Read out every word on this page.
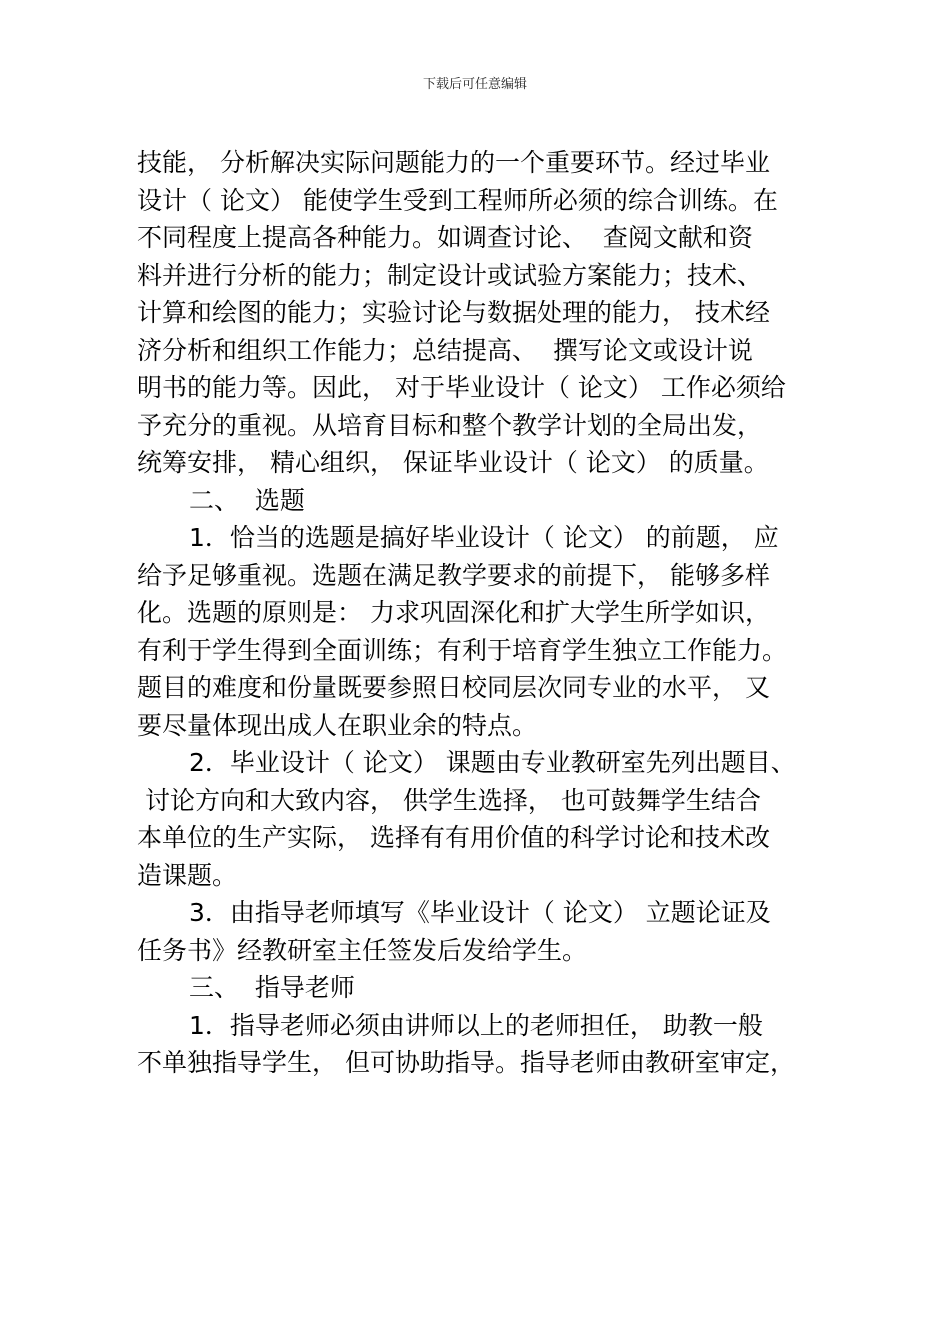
下载后可任意编辑
技能， 分析解决实际问题能力的一个重要环节。经过毕业
设计（ 论文） 能使学生受到工程师所必须的综合训练。在
不同程度上提高各种能力。如调查讨论、  查阅文献和资
料并进行分析的能力；制定设计或试验方案能力；技术、
计算和绘图的能力；实验讨论与数据处理的能力， 技术经
济分析和组织工作能力；总结提高、  撰写论文或设计说
明书的能力等。因此， 对于毕业设计（ 论文） 工作必须给
予充分的重视。从培育目标和整个教学计划的全局出发，
统筹安排， 精心组织， 保证毕业设计（ 论文） 的质量。
二、  选题
1．恰当的选题是搞好毕业设计（ 论文） 的前题， 应
给予足够重视。选题在满足教学要求的前提下， 能够多样
化。选题的原则是： 力求巩固深化和扩大学生所学如识，
有利于学生得到全面训练；有利于培育学生独立工作能力。
题目的难度和份量既要参照日校同层次同专业的水平， 又
要尽量体现出成人在职业余的特点。
2．毕业设计（ 论文） 课题由专业教研室先列出题目、
讨论方向和大致内容， 供学生选择， 也可鼓舞学生结合
本单位的生产实际， 选择有有用价值的科学讨论和技术改
造课题。
3．由指导老师填写《毕业设计（ 论文） 立题论证及
任务书》经教研室主任签发后发给学生。
三、  指导老师
1．指导老师必须由讲师以上的老师担任， 助教一般
不单独指导学生， 但可协助指导。指导老师由教研室审定，
